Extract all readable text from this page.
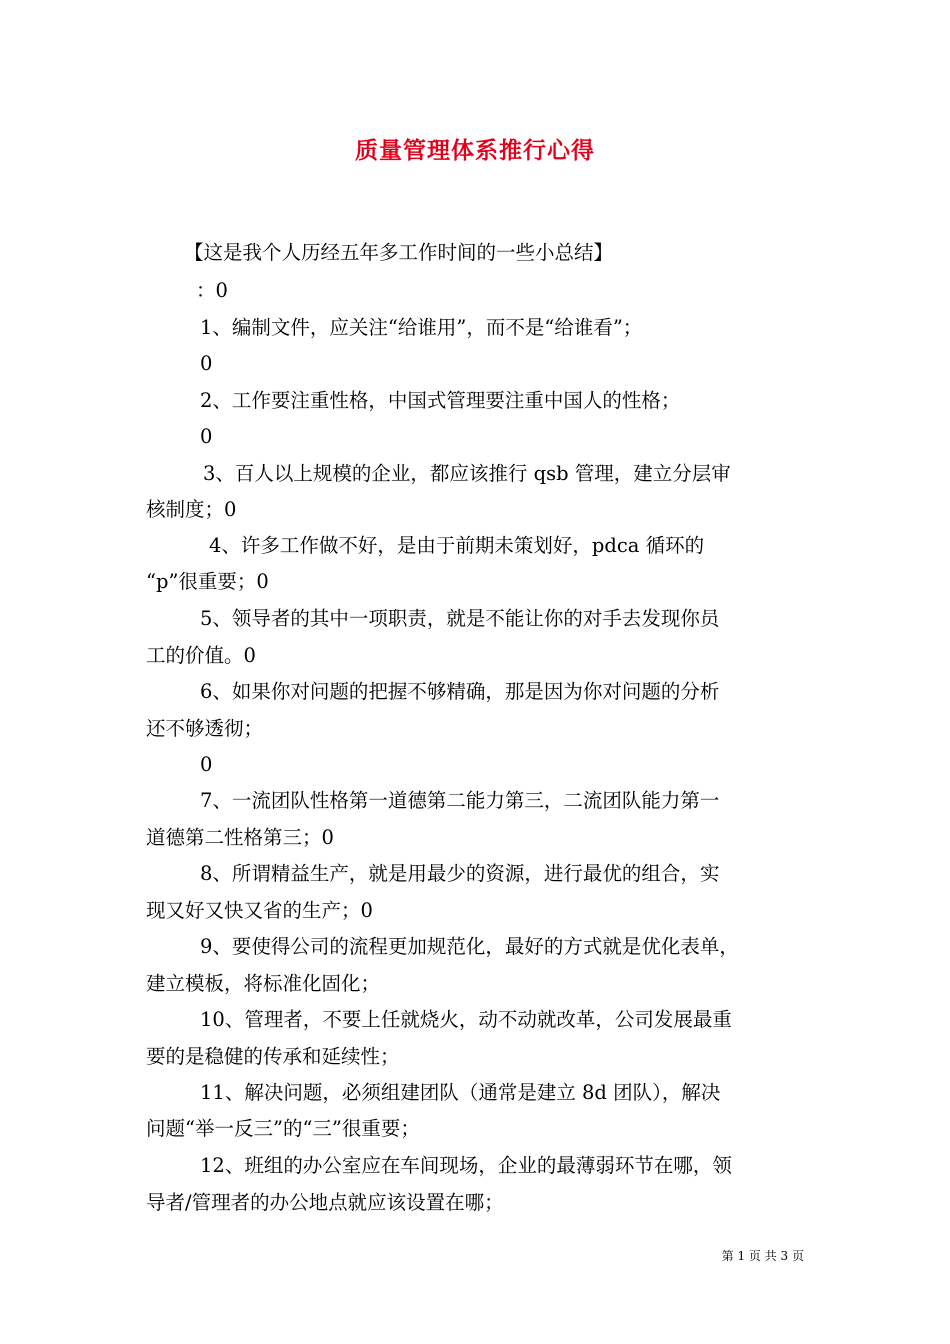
质量管理体系推行心得
【这是我个人历经五年多工作时间的一些小总结】
：0
1、编制文件，应关注“给谁用”，而不是“给谁看”；
0
2、工作要注重性格，中国式管理要注重中国人的性格；
0
3、百人以上规模的企业，都应该推行 qsb 管理，建立分层审
核制度；0
4、许多工作做不好，是由于前期未策划好，pdca 循环的
“p”很重要；0
5、领导者的其中一项职责，就是不能让你的对手去发现你员
工的价值。0
6、如果你对问题的把握不够精确，那是因为你对问题的分析
还不够透彻；
0
7、一流团队性格第一道德第二能力第三，二流团队能力第一
道德第二性格第三；0
8、所谓精益生产，就是用最少的资源，进行最优的组合，实
现又好又快又省的生产；0
9、要使得公司的流程更加规范化，最好的方式就是优化表单，
建立模板，将标准化固化；
10、管理者，不要上任就烧火，动不动就改革，公司发展最重
要的是稳健的传承和延续性；
11、解决问题，必须组建团队（通常是建立 8d 团队），解决
问题“举一反三”的“三”很重要；
12、班组的办公室应在车间现场，企业的最薄弱环节在哪，领
导者/管理者的办公地点就应该设置在哪；
第 1 页 共 3 页
